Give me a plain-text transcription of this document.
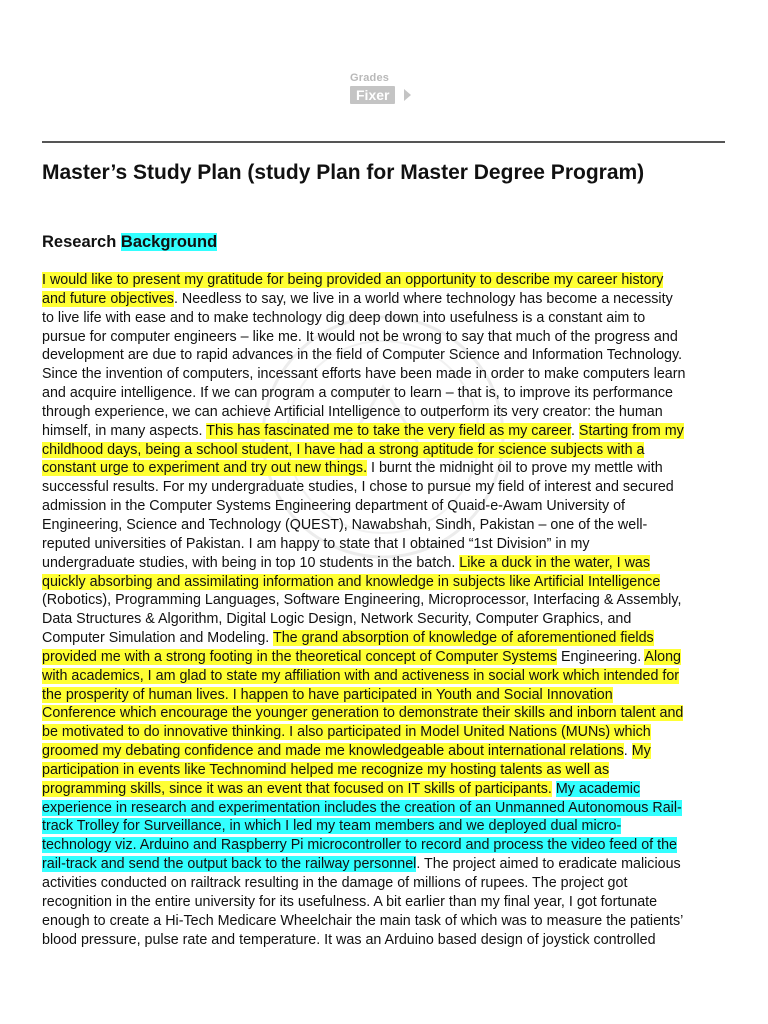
Grades
Fixer
Master’s Study Plan (study Plan for Master Degree Program)
Research Background
I would like to present my gratitude for being provided an opportunity to describe my career history
and future objectives. Needless to say, we live in a world where technology has become a necessity
to live life with ease and to make technology dig deep down into usefulness is a constant aim to
pursue for computer engineers – like me. It would not be wrong to say that much of the progress and
development are due to rapid advances in the field of Computer Science and Information Technology.
Since the invention of computers, incessant efforts have been made in order to make computers learn
and acquire intelligence. If we can program a computer to learn – that is, to improve its performance
through experience, we can achieve Artificial Intelligence to outperform its very creator: the human
himself, in many aspects. This has fascinated me to take the very field as my career. Starting from my
childhood days, being a school student, I have had a strong aptitude for science subjects with a
constant urge to experiment and try out new things. I burnt the midnight oil to prove my mettle with
successful results. For my undergraduate studies, I chose to pursue my field of interest and secured
admission in the Computer Systems Engineering department of Quaid-e-Awam University of
Engineering, Science and Technology (QUEST), Nawabshah, Sindh, Pakistan – one of the well-
reputed universities of Pakistan. I am happy to state that I obtained “1st Division” in my
undergraduate studies, with being in top 10 students in the batch. Like a duck in the water, I was
quickly absorbing and assimilating information and knowledge in subjects like Artificial Intelligence
(Robotics), Programming Languages, Software Engineering, Microprocessor, Interfacing & Assembly,
Data Structures & Algorithm, Digital Logic Design, Network Security, Computer Graphics, and
Computer Simulation and Modeling. The grand absorption of knowledge of aforementioned fields
provided me with a strong footing in the theoretical concept of Computer Systems Engineering. Along
with academics, I am glad to state my affiliation with and activeness in social work which intended for
the prosperity of human lives. I happen to have participated in Youth and Social Innovation
Conference which encourage the younger generation to demonstrate their skills and inborn talent and
be motivated to do innovative thinking. I also participated in Model United Nations (MUNs) which
groomed my debating confidence and made me knowledgeable about international relations. My
participation in events like Technomind helped me recognize my hosting talents as well as
programming skills, since it was an event that focused on IT skills of participants. My academic
experience in research and experimentation includes the creation of an Unmanned Autonomous Rail-
track Trolley for Surveillance, in which I led my team members and we deployed dual micro-
technology viz. Arduino and Raspberry Pi microcontroller to record and process the video feed of the
rail-track and send the output back to the railway personnel. The project aimed to eradicate malicious
activities conducted on railtrack resulting in the damage of millions of rupees. The project got
recognition in the entire university for its usefulness. A bit earlier than my final year, I got fortunate
enough to create a Hi-Tech Medicare Wheelchair the main task of which was to measure the patients’
blood pressure, pulse rate and temperature. It was an Arduino based design of joystick controlled
